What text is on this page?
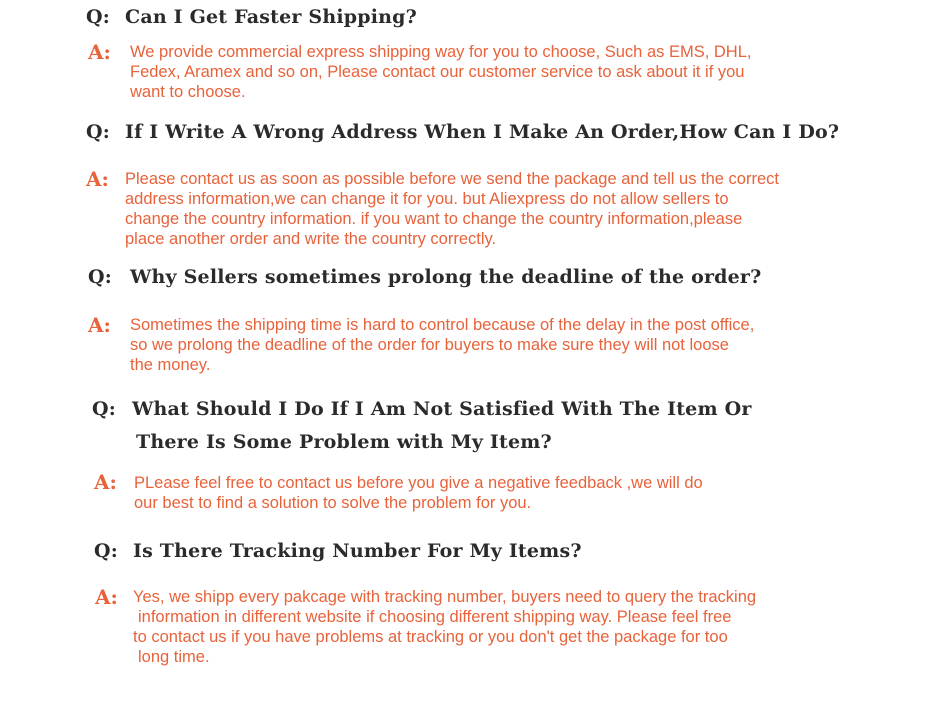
Q: Can I Get Faster Shipping?
A: We provide commercial express shipping way for you to choose, Such as EMS, DHL,
Fedex, Aramex and so on, Please contact our customer service to ask about it if you
want to choose.
Q: If I Write A Wrong Address When I Make An Order,How Can I Do?
A: Please contact us as soon as possible before we send the package and tell us the correct
address information,we can change it for you. but Aliexpress do not allow sellers to
change the country information. if you want to change the country information,please
place another order and write the country correctly.
Q: Why Sellers sometimes prolong the deadline of the order?
A: Sometimes the shipping time is hard to control because of the delay in the post office,
so we prolong the deadline of the order for buyers to make sure they will not loose
the money.
Q: What Should I Do If I Am Not Satisfied With The Item Or
There Is Some Problem with My Item?
A: PLease feel free to contact us before you give a negative feedback ,we will do
our best to find a solution to solve the problem for you.
Q: Is There Tracking Number For My Items?
A: Yes, we shipp every pakcage with tracking number, buyers need to query the tracking
information in different website if choosing different shipping way. Please feel free
to contact us if you have problems at tracking or you don't get the package for too
long time.
